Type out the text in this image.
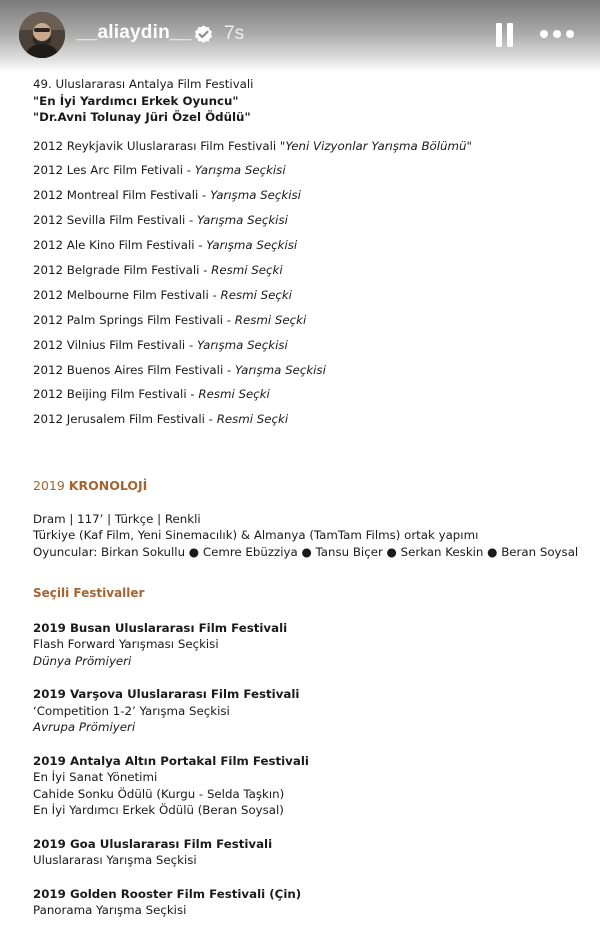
__aliaydin__ 7s
49. Uluslararası Antalya Film Festivali
"En İyi Yardımcı Erkek Oyuncu"
"Dr.Avni Tolunay Jüri Özel Ödülü"
2012 Reykjavik Uluslararası Film Festivali "Yeni Vizyonlar Yarışma Bölümü"
2012 Les Arc Film Fetivali - Yarışma Seçkisi
2012 Montreal Film Festivali - Yarışma Seçkisi
2012 Sevilla Film Festivali - Yarışma Seçkisi
2012 Ale Kino Film Festivali - Yarışma Seçkisi
2012 Belgrade Film Festivali - Resmi Seçki
2012 Melbourne Film Festivali - Resmi Seçki
2012 Palm Springs Film Festivali - Resmi Seçki
2012 Vilnius Film Festivali - Yarışma Seçkisi
2012 Buenos Aires Film Festivali - Yarışma Seçkisi
2012 Beijing Film Festivali - Resmi Seçki
2012 Jerusalem Film Festivali - Resmi Seçki
2019 KRONOLOJİ
Dram | 117’ | Türkçe | Renkli
Türkiye (Kaf Film, Yeni Sinemacılık) & Almanya (TamTam Films) ortak yapımı
Oyuncular: Birkan Sokullu ● Cemre Ebüzziya ● Tansu Biçer ● Serkan Keskin ● Beran Soysal
Seçili Festivaller
2019 Busan Uluslararası Film Festivali
Flash Forward Yarışması Seçkisi
Dünya Prömiyeri
2019 Varşova Uluslararası Film Festivali
‘Competition 1-2’ Yarışma Seçkisi
Avrupa Prömiyeri
2019 Antalya Altın Portakal Film Festivali
En İyi Sanat Yönetimi
Cahide Sonku Ödülü (Kurgu - Selda Taşkın)
En İyi Yardımcı Erkek Ödülü (Beran Soysal)
2019 Goa Uluslararası Film Festivali
Uluslararası Yarışma Seçkisi
2019 Golden Rooster Film Festivali (Çin)
Panorama Yarışma Seçkisi
